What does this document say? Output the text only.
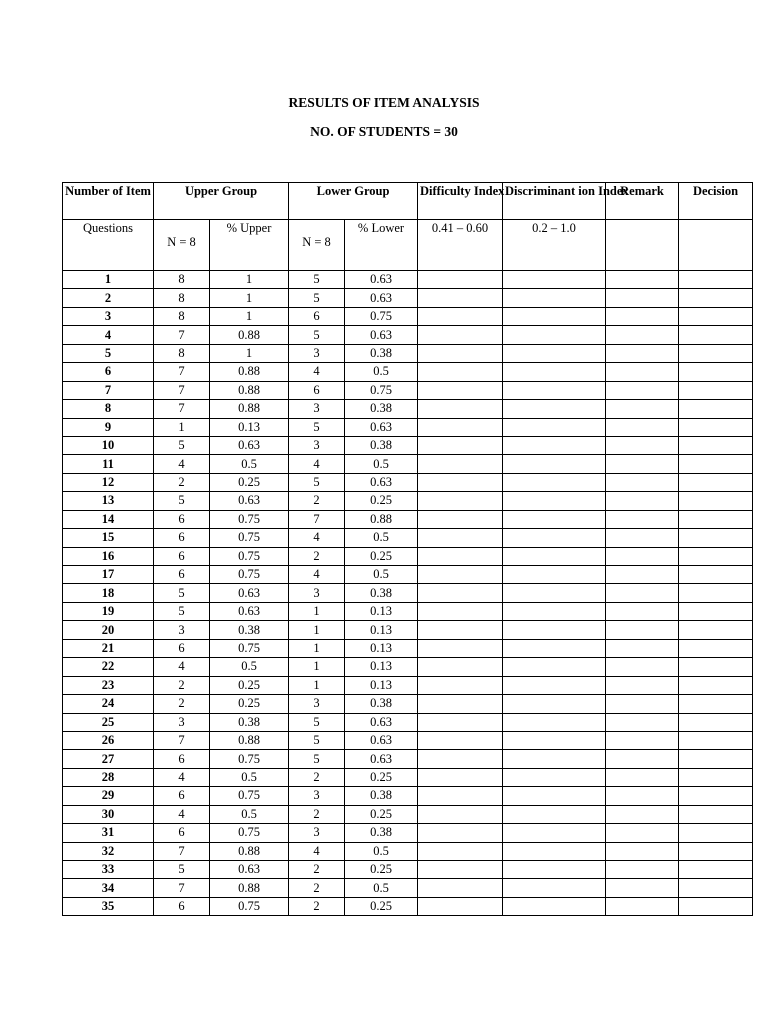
RESULTS OF ITEM ANALYSIS
NO. OF STUDENTS = 30
Number of Item	Upper Group		Lower Group		Difficulty Index	Discriminant ion Index	Remark	Decision
Questions	N = 8	% Upper	N = 8	% Lower	0.41 – 0.60	0.2 – 1.0		
1	8	1	5	0.63				
2	8	1	5	0.63				
3	8	1	6	0.75				
4	7	0.88	5	0.63				
5	8	1	3	0.38				
6	7	0.88	4	0.5				
7	7	0.88	6	0.75				
8	7	0.88	3	0.38				
9	1	0.13	5	0.63				
10	5	0.63	3	0.38				
11	4	0.5	4	0.5				
12	2	0.25	5	0.63				
13	5	0.63	2	0.25				
14	6	0.75	7	0.88				
15	6	0.75	4	0.5				
16	6	0.75	2	0.25				
17	6	0.75	4	0.5				
18	5	0.63	3	0.38				
19	5	0.63	1	0.13				
20	3	0.38	1	0.13				
21	6	0.75	1	0.13				
22	4	0.5	1	0.13				
23	2	0.25	1	0.13				
24	2	0.25	3	0.38				
25	3	0.38	5	0.63				
26	7	0.88	5	0.63				
27	6	0.75	5	0.63				
28	4	0.5	2	0.25				
29	6	0.75	3	0.38				
30	4	0.5	2	0.25				
31	6	0.75	3	0.38				
32	7	0.88	4	0.5				
33	5	0.63	2	0.25				
34	7	0.88	2	0.5				
35	6	0.75	2	0.25				
